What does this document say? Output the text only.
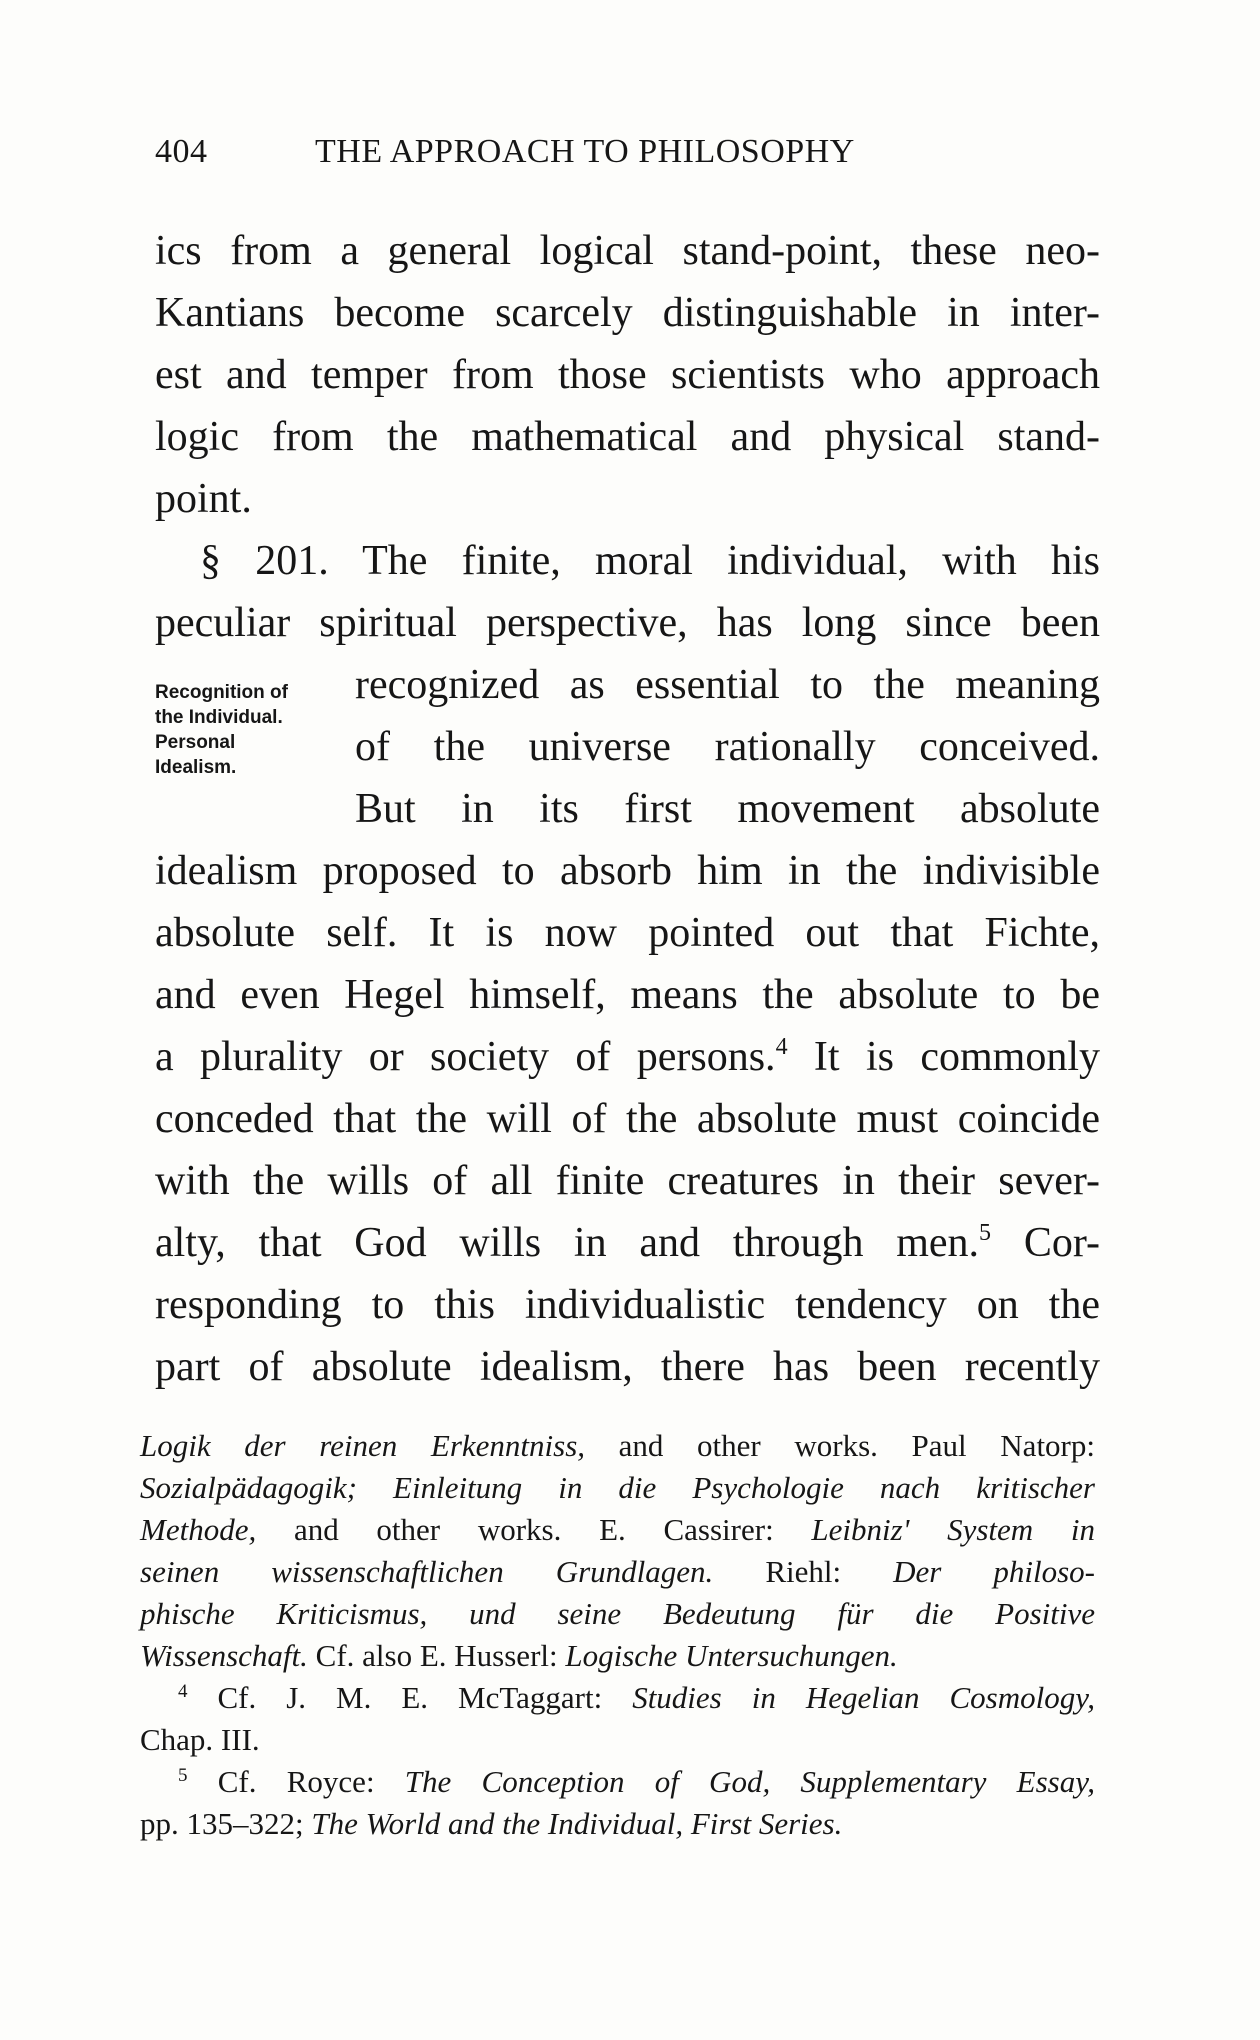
404	THE APPROACH TO PHILOSOPHY
ics from a general logical stand-point, these neo-
Kantians become scarcely distinguishable in inter-
est and temper from those scientists who approach
logic from the mathematical and physical stand-
point.
§ 201. The finite, moral individual, with his
peculiar spiritual perspective, has long since been
Recognition of
the Individual.
Personal
Idealism.
recognized as essential to the meaning
of the universe rationally conceived.
But in its first movement absolute
idealism proposed to absorb him in the indivisible
absolute self. It is now pointed out that Fichte,
and even Hegel himself, means the absolute to be
a plurality or society of persons.$^4$ It is commonly
conceded that the will of the absolute must coincide
with the wills of all finite creatures in their sever-
alty, that God wills in and through men.$^5$ Cor-
responding to this individualistic tendency on the
part of absolute idealism, there has been recently
Logik der reinen Erkenntniss, and other works. Paul Natorp:
Sozialpädagogik; Einleitung in die Psychologie nach kritischer
Methode, and other works. E. Cassirer: Leibniz' System in
seinen wissenschaftlichen Grundlagen. Riehl: Der philoso-
phische Kriticismus, und seine Bedeutung für die Positive
Wissenschaft. Cf. also E. Husserl: Logische Untersuchungen.
$^4$ Cf. J. M. E. McTaggart: Studies in Hegelian Cosmology,
Chap. III.
$^5$ Cf. Royce: The Conception of God, Supplementary Essay,
pp. 135–322; The World and the Individual, First Series.
